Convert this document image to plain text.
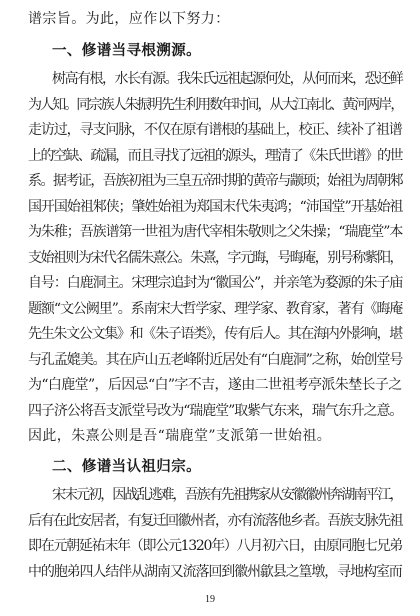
谱宗旨。为此，应作以下努力：
一、修谱当寻根溯源。
树高有根，水长有源。我朱氏远祖起源何处，从何而来，恐还鲜
为人知。同宗族人朱振明先生利用数年时间，从大江南北、黄河两岸，
走访过，寻支问脉，不仅在原有谱根的基础上，校正、续补了祖谱
上的空缺、疏漏，而且寻找了远祖的源头，理清了《朱氏世谱》的世
系。据考证，吾族初祖为三皇五帝时期的黄帝与颛顼；始祖为周朝邾
国开国始祖邾侠；肇姓始祖为郑国末代朱夷鸿；“沛国堂”开基始祖
为朱稚；吾族谱第一世祖为唐代宰相朱敬则之父朱操；“瑞鹿堂”本
支始祖则为宋代名儒朱熹公。朱熹，字元晦，号晦庵，别号称紫阳，
自号：白鹿洞主。宋理宗追封为“徽国公”，并亲笔为婺源的朱子庙
题额“文公阙里”。系南宋大哲学家、理学家、教育家，著有《晦庵
先生朱文公文集》和《朱子语类》，传有后人。其在海内外影响，堪
与孔孟媲美。其在庐山五老峰附近居处有“白鹿洞”之称，始创堂号
为“白鹿堂”，后因忌“白”字不吉，遂由二世祖考亭派朱埜长子之
四子济公将吾支派堂号改为“瑞鹿堂”取紫气东来，瑞气东升之意。
因此，朱熹公则是吾“瑞鹿堂”支派第一世始祖。
二、修谱当认祖归宗。
宋末元初，因战乱逃难，吾族有先祖携家从安徽徽州奔湖南平江，
后有在此安居者，有复迁回徽州者，亦有流落他乡者。吾族支脉先祖
即在元朝延祐末年（即公元1320年）八月初六日，由原同胞七兄弟
中的胞弟四人结伴从湖南又流落回到徽州歙县之篁墩，寻地构室而
19
